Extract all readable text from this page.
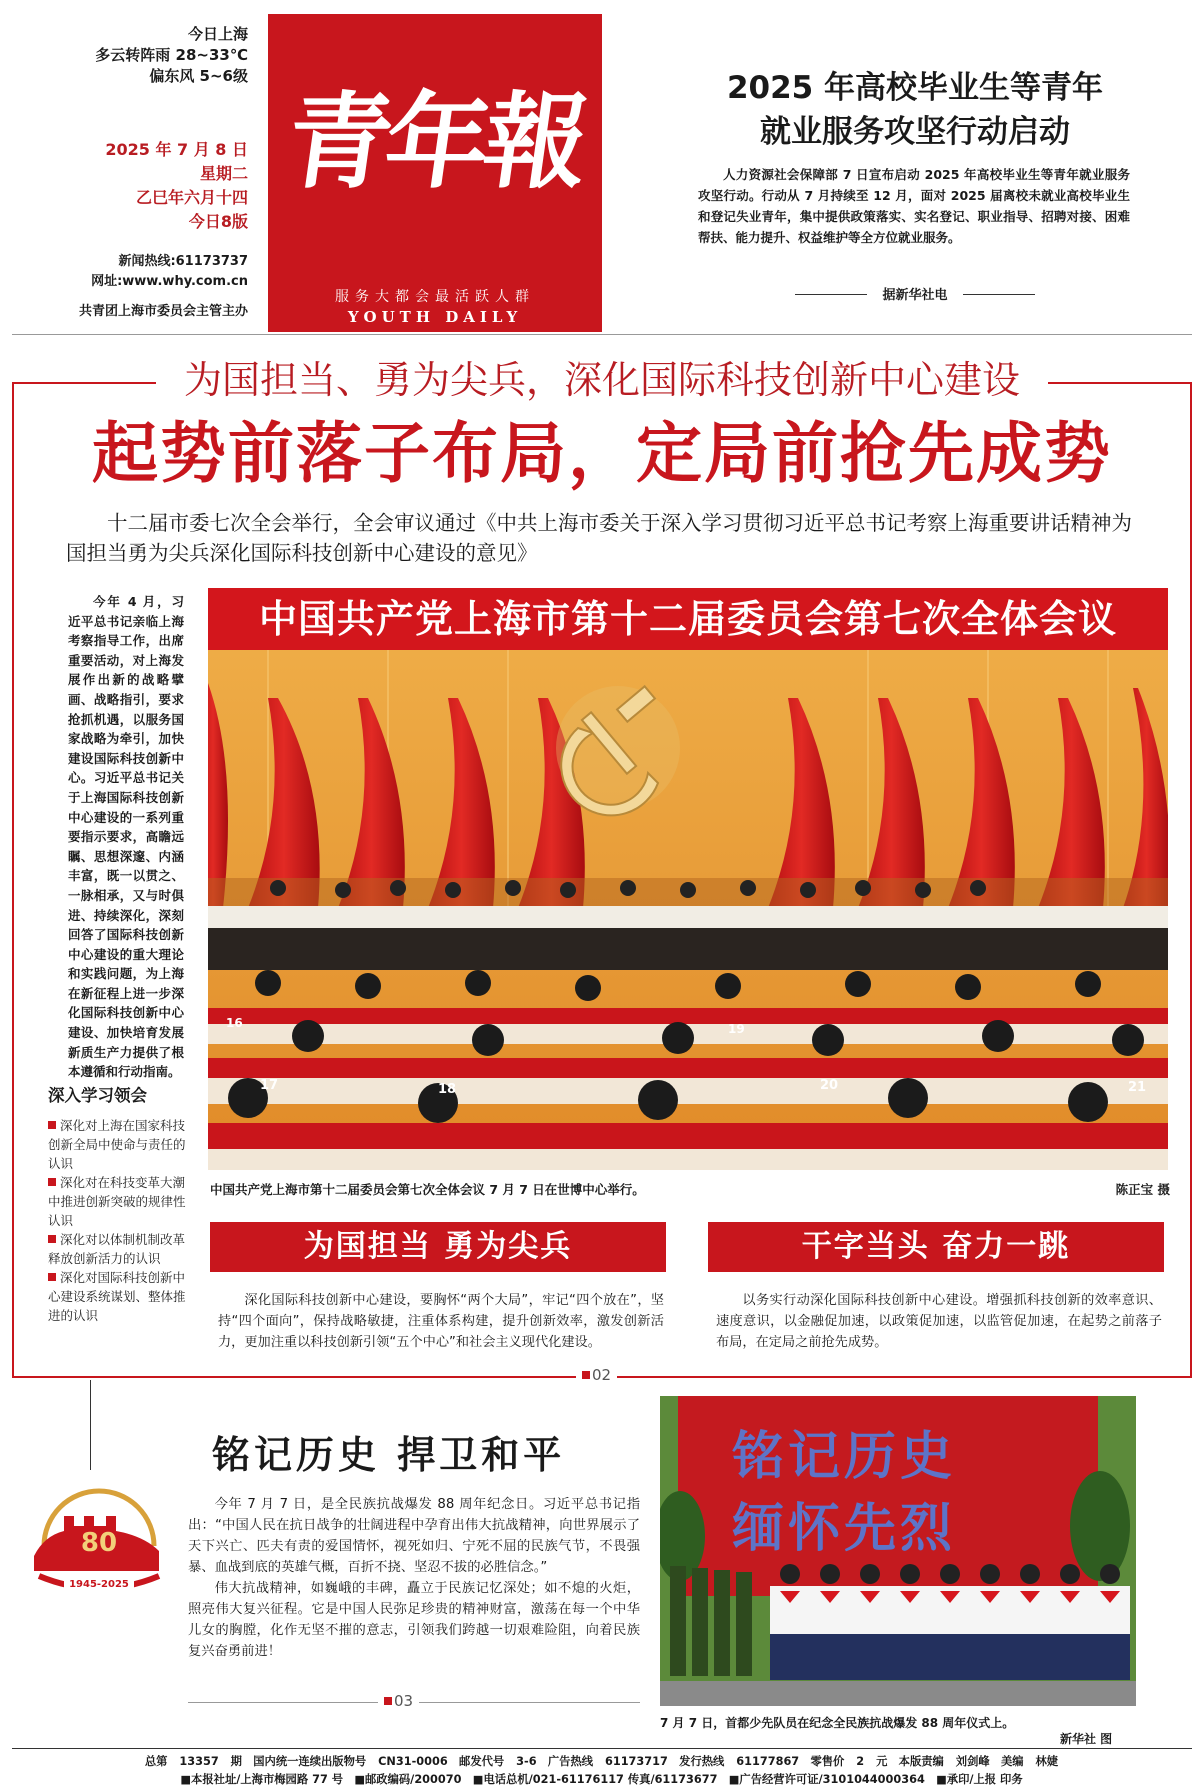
今日上海
多云转阵雨 28~33℃
偏东风 5~6级
2025 年 7 月 8 日
星期二
乙巳年六月十四
今日8版
新闻热线:61173737
网址:www.why.com.cn
共青团上海市委员会主管主办
青年報
服务大都会最活跃人群
YOUTH DAILY
2025 年高校毕业生等青年
就业服务攻坚行动启动
人力资源社会保障部 7 日宣布启动 2025 年高校毕业生等青年就业服务攻坚行动。行动从 7 月持续至 12 月，面对 2025 届离校未就业高校毕业生和登记失业青年，集中提供政策落实、实名登记、职业指导、招聘对接、困难帮扶、能力提升、权益维护等全方位就业服务。
据新华社电
为国担当、勇为尖兵，深化国际科技创新中心建设
起势前落子布局，定局前抢先成势
十二届市委七次全会举行，全会审议通过《中共上海市委关于深入学习贯彻习近平总书记考察上海重要讲话精神为国担当勇为尖兵深化国际科技创新中心建设的意见》
今年 4 月，习近平总书记亲临上海考察指导工作，出席重要活动，对上海发展作出新的战略擘画、战略指引，要求抢抓机遇，以服务国家战略为牵引，加快建设国际科技创新中心。习近平总书记关于上海国际科技创新中心建设的一系列重要指示要求，高瞻远瞩、思想深邃、内涵丰富，既一以贯之、一脉相承，又与时俱进、持续深化，深刻回答了国际科技创新中心建设的重大理论和实践问题，为上海在新征程上进一步深化国际科技创新中心建设、加快培育发展新质生产力提供了根本遵循和行动指南。
深入学习领会
深化对上海在国家科技创新全局中使命与责任的认识
深化对在科技变革大潮中推进创新突破的规律性认识
深化对以体制机制改革释放创新活力的认识
深化对国际科技创新中心建设系统谋划、整体推进的认识
中国共产党上海市第十二届委员会第七次全体会议
16
17	18
19
20	21
中国共产党上海市第十二届委员会第七次全体会议 7 月 7 日在世博中心举行。	陈正宝 摄
为国担当 勇为尖兵	干字当头 奋力一跳
深化国际科技创新中心建设，要胸怀“两个大局”，牢记“四个放在”，坚持“四个面向”，保持战略敏捷，注重体系构建，提升创新效率，激发创新活力，更加注重以科技创新引领“五个中心”和社会主义现代化建设。
以务实行动深化国际科技创新中心建设。增强抓科技创新的效率意识、速度意识，以金融促加速，以政策促加速，以监管促加速，在起势之前落子布局，在定局之前抢先成势。
02
铭记历史 捍卫和平
80
1945-2025

今年 7 月 7 日，是全民族抗战爆发 88 周年纪念日。习近平总书记指出：“中国人民在抗日战争的壮阔进程中孕育出伟大抗战精神，向世界展示了天下兴亡、匹夫有责的爱国情怀，视死如归、宁死不屈的民族气节，不畏强暴、血战到底的英雄气概，百折不挠、坚忍不拔的必胜信念。”

伟大抗战精神，如巍峨的丰碑，矗立于民族记忆深处；如不熄的火炬，照亮伟大复兴征程。它是中国人民弥足珍贵的精神财富，激荡在每一个中华儿女的胸膛，化作无坚不摧的意志，引领我们跨越一切艰难险阻，向着民族复兴奋勇前进！

03
铭记历史
缅怀先烈
7 月 7 日，首都少先队员在纪念全民族抗战爆发 88 周年仪式上。
新华社 图
总第 13357 期　国内统一连续出版物号 CN31-0006　邮发代号 3-6　广告热线 61173717　发行热线 61177867　零售价 2 元　本版责编 刘剑峰　美编 林婕
■本报社址/上海市梅园路 77 号　■邮政编码/200070　■电话总机/021-61176117 传真/61173677　■广告经营许可证/3101044000364　■承印/上报 印务
